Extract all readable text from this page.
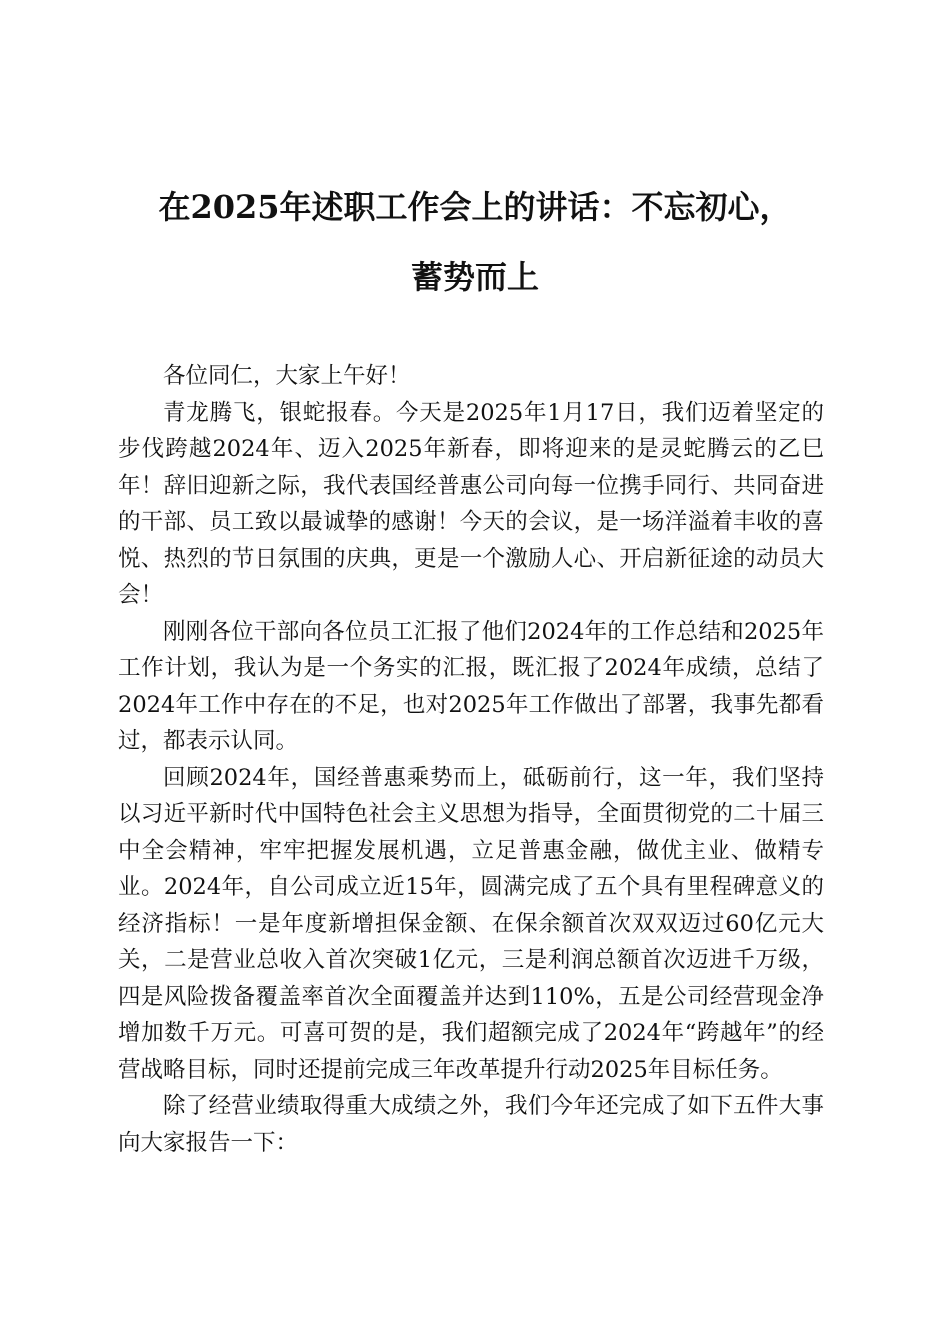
在2025年述职工作会上的讲话：不忘初心，
蓄势而上

各位同仁，大家上午好！

青龙腾飞，银蛇报春。今天是2025年1月17日，我们迈着坚定的步伐跨越2024年、迈入2025年新春，即将迎来的是灵蛇腾云的乙巳年！辞旧迎新之际，我代表国经普惠公司向每一位携手同行、共同奋进的干部、员工致以最诚挚的感谢！今天的会议，是一场洋溢着丰收的喜悦、热烈的节日氛围的庆典，更是一个激励人心、开启新征途的动员大会！

刚刚各位干部向各位员工汇报了他们2024年的工作总结和2025年工作计划，我认为是一个务实的汇报，既汇报了2024年成绩，总结了2024年工作中存在的不足，也对2025年工作做出了部署，我事先都看过，都表示认同。

回顾2024年，国经普惠乘势而上，砥砺前行，这一年，我们坚持以习近平新时代中国特色社会主义思想为指导，全面贯彻党的二十届三中全会精神，牢牢把握发展机遇，立足普惠金融，做优主业、做精专业。2024年，自公司成立近15年，圆满完成了五个具有里程碑意义的经济指标！一是年度新增担保金额、在保余额首次双双迈过60亿元大关，二是营业总收入首次突破1亿元，三是利润总额首次迈进千万级，四是风险拨备覆盖率首次全面覆盖并达到110%，五是公司经营现金净增加数千万元。可喜可贺的是，我们超额完成了2024年“跨越年”的经营战略目标，同时还提前完成三年改革提升行动2025年目标任务。

除了经营业绩取得重大成绩之外，我们今年还完成了如下五件大事向大家报告一下：
